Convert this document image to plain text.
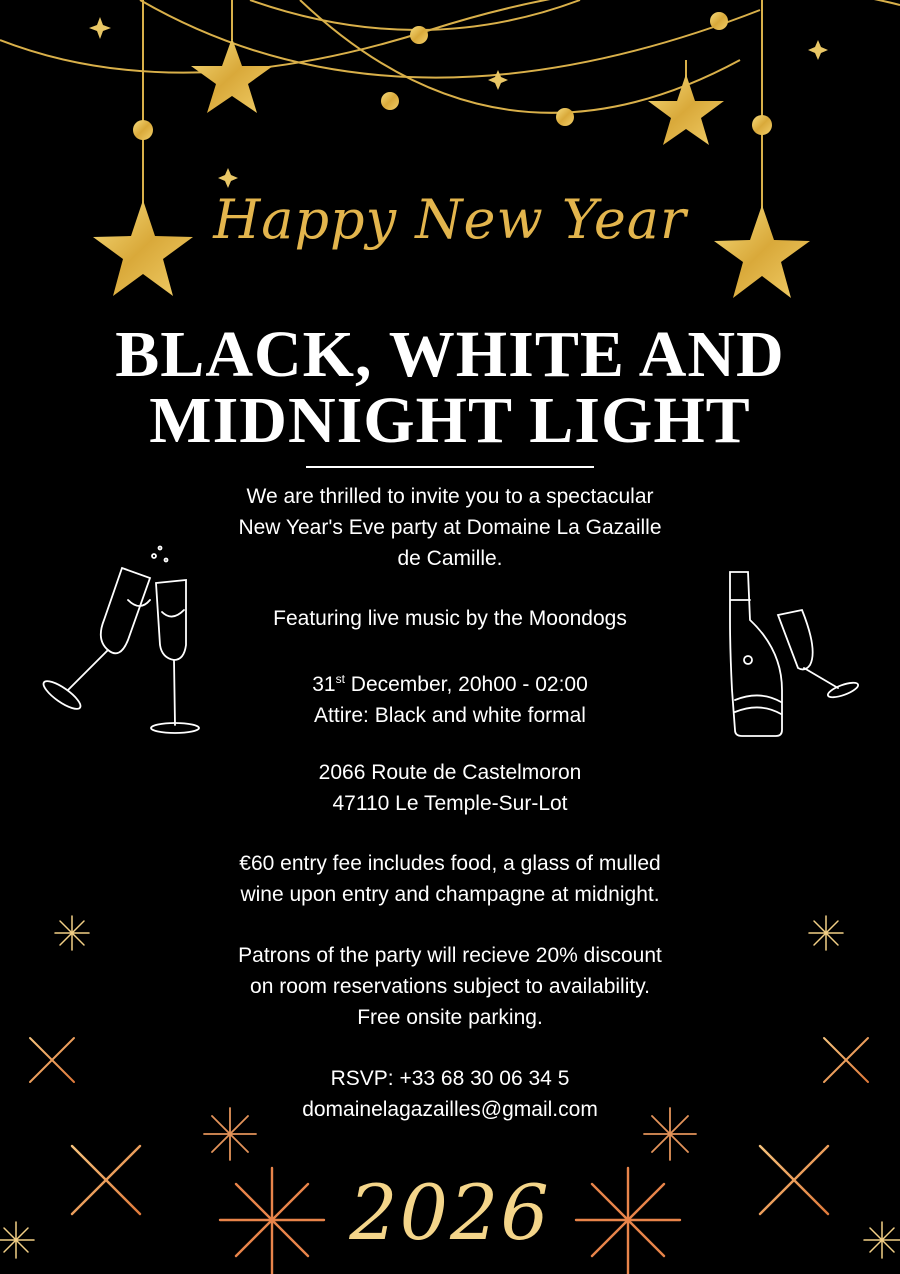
Happy New Year
BLACK, WHITE AND
MIDNIGHT LIGHT

We are thrilled to invite you to a spectacular

New Year's Eve party at Domaine La Gazaille

de Camille.

Featuring live music by the Moondogs

31st December, 20h00 - 02:00

Attire: Black and white formal

2066 Route de Castelmoron

47110 Le Temple-Sur-Lot

€60 entry fee includes food, a glass of mulled

wine upon entry and champagne at midnight.

Patrons of the party will recieve 20% discount

on room reservations subject to availability.

Free onsite parking.

RSVP: +33 68 30 06 34 5

domainelagazailles@gmail.com

2026
